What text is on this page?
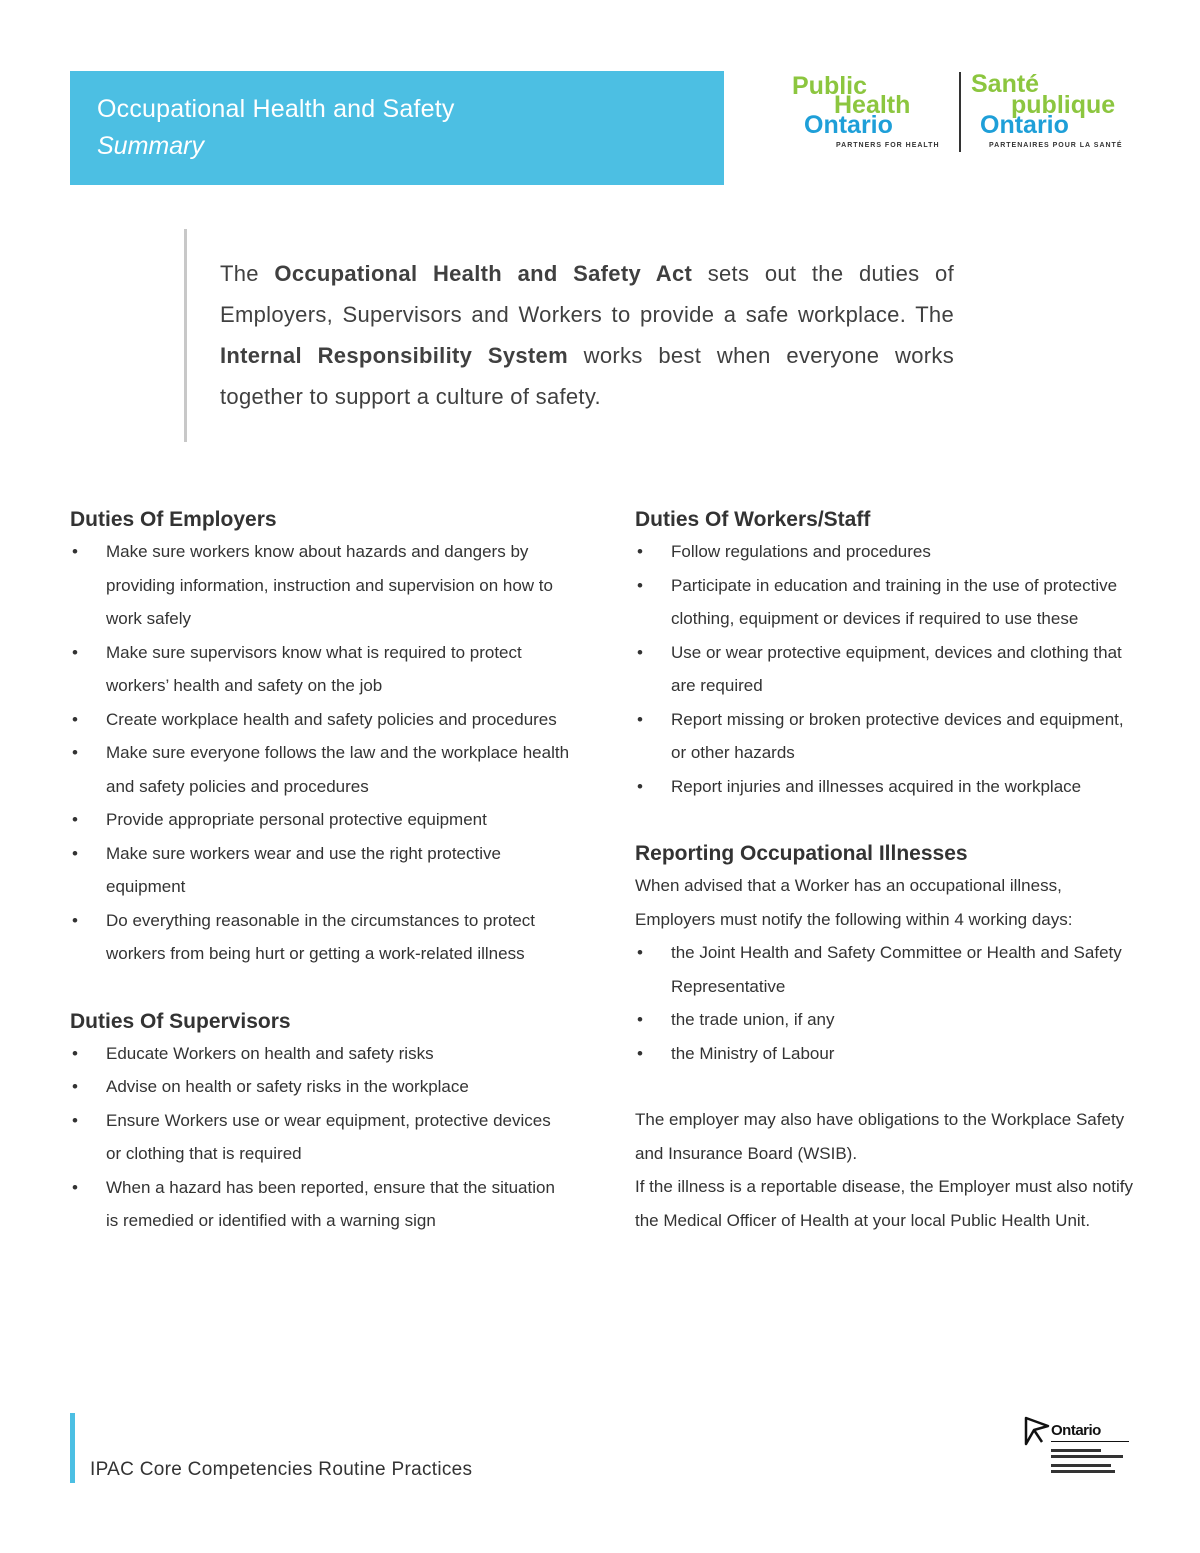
Occupational Health and Safety
Summary
Public
Health
Ontario
PARTNERS FOR HEALTH
Santé
publique
Ontario
PARTENAIRES POUR LA SANTÉ

The Occupational Health and Safety Act sets out the duties of Employers, Supervisors and Workers to provide a safe workplace. The Internal Responsibility System works best when everyone works together to support a culture of safety.

Duties Of Employers
• Make sure workers know about hazards and dangers by providing information, instruction and supervision on how to work safely
• Make sure supervisors know what is required to protect workers’ health and safety on the job
• Create workplace health and safety policies and procedures
• Make sure everyone follows the law and the workplace health and safety policies and procedures
• Provide appropriate personal protective equipment
• Make sure workers wear and use the right protective equipment
• Do everything reasonable in the circumstances to protect workers from being hurt or getting a work-related illness
Duties Of Supervisors
• Educate Workers on health and safety risks
• Advise on health or safety risks in the workplace
• Ensure Workers use or wear equipment, protective devices or clothing that is required
• When a hazard has been reported, ensure that the situation is remedied or identified with a warning sign
Duties Of Workers/Staff
• Follow regulations and procedures
• Participate in education and training in the use of protective clothing, equipment or devices if required to use these
• Use or wear protective equipment, devices and clothing that are required
• Report missing or broken protective devices and equipment, or other hazards
• Report injuries and illnesses acquired in the workplace
Reporting Occupational Illnesses

When advised that a Worker has an occupational illness, Employers must notify the following within 4 working days:

• the Joint Health and Safety Committee or Health and Safety Representative
• the trade union, if any
• the Ministry of Labour

The employer may also have obligations to the Workplace Safety and Insurance Board (WSIB).

If the illness is a reportable disease, the Employer must also notify the Medical Officer of Health at your local Public Health Unit.

IPAC Core Competencies Routine Practices
Ontario
